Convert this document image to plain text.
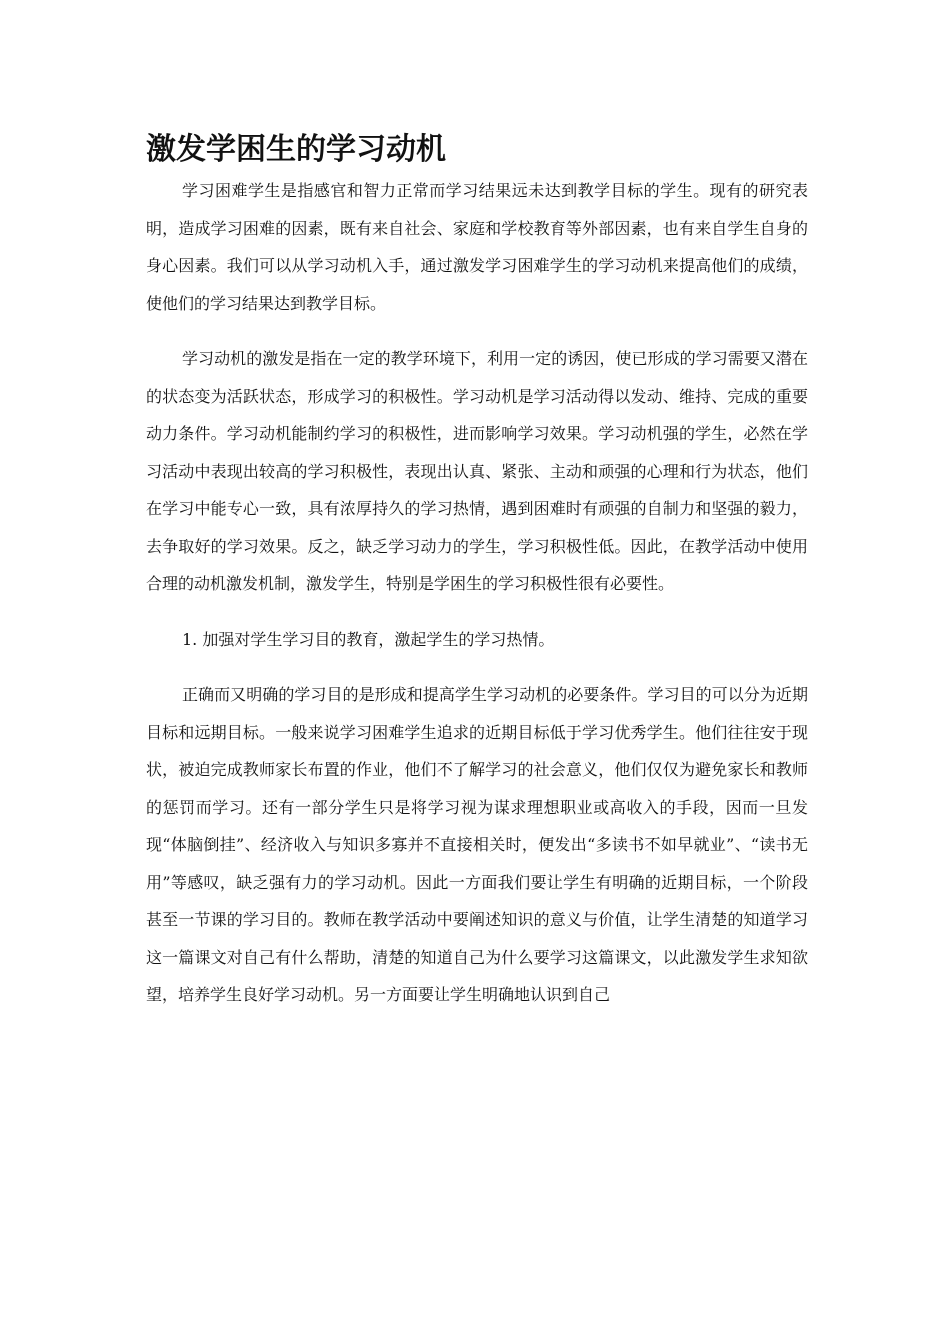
激发学困生的学习动机

学习困难学生是指感官和智力正常而学习结果远未达到教学目标的学生。现有的研究表明，造成学习困难的因素，既有来自社会、家庭和学校教育等外部因素，也有来自学生自身的身心因素。我们可以从学习动机入手，通过激发学习困难学生的学习动机来提高他们的成绩，使他们的学习结果达到教学目标。

学习动机的激发是指在一定的教学环境下，利用一定的诱因，使已形成的学习需要又潜在的状态变为活跃状态，形成学习的积极性。学习动机是学习活动得以发动、维持、完成的重要动力条件。学习动机能制约学习的积极性，进而影响学习效果。学习动机强的学生，必然在学习活动中表现出较高的学习积极性，表现出认真、紧张、主动和顽强的心理和行为状态，他们在学习中能专心一致，具有浓厚持久的学习热情，遇到困难时有顽强的自制力和坚强的毅力，去争取好的学习效果。反之，缺乏学习动力的学生，学习积极性低。因此，在教学活动中使用合理的动机激发机制，激发学生，特别是学困生的学习积极性很有必要性。

1. 加强对学生学习目的教育，激起学生的学习热情。

正确而又明确的学习目的是形成和提高学生学习动机的必要条件。学习目的可以分为近期目标和远期目标。一般来说学习困难学生追求的近期目标低于学习优秀学生。他们往往安于现状，被迫完成教师家长布置的作业，他们不了解学习的社会意义，他们仅仅为避免家长和教师的惩罚而学习。还有一部分学生只是将学习视为谋求理想职业或高收入的手段，因而一旦发现“体脑倒挂”、经济收入与知识多寡并不直接相关时，便发出“多读书不如早就业”、“读书无用”等感叹，缺乏强有力的学习动机。因此一方面我们要让学生有明确的近期目标，一个阶段甚至一节课的学习目的。教师在教学活动中要阐述知识的意义与价值，让学生清楚的知道学习这一篇课文对自己有什么帮助，清楚的知道自己为什么要学习这篇课文，以此激发学生求知欲望，培养学生良好学习动机。另一方面要让学生明确地认识到自己
